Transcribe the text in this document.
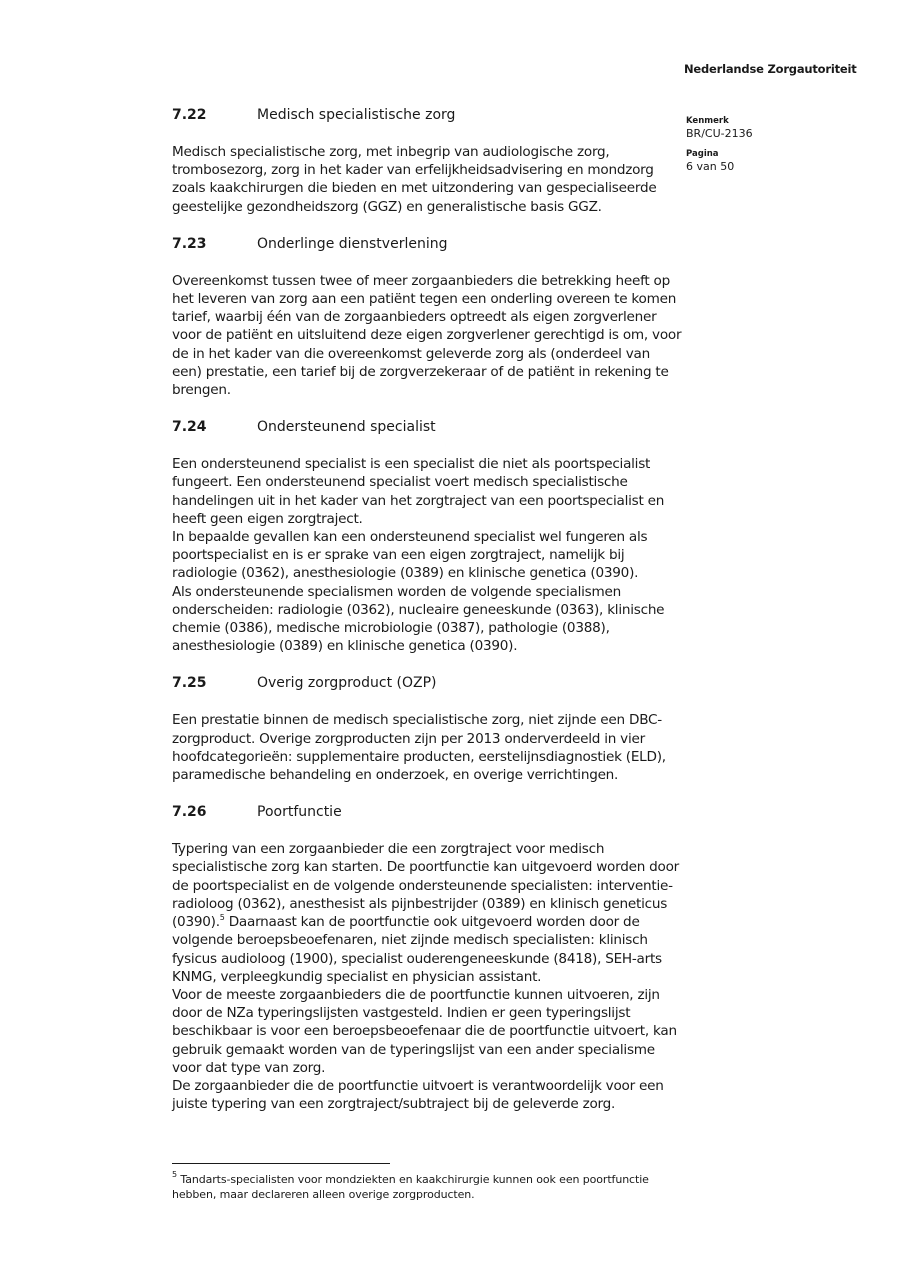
Nederlandse Zorgautoriteit
Kenmerk
BR/CU-2136
Pagina
6 van 50
7.22	Medisch specialistische zorg

Medisch specialistische zorg, met inbegrip van audiologische zorg, trombosezorg, zorg in het kader van erfelijkheidsadvisering en mondzorg zoals kaakchirurgen die bieden en met uitzondering van gespecialiseerde geestelijke gezondheidszorg (GGZ) en generalistische basis GGZ.

7.23	Onderlinge dienstverlening

Overeenkomst tussen twee of meer zorgaanbieders die betrekking heeft op het leveren van zorg aan een patiënt tegen een onderling overeen te komen tarief, waarbij één van de zorgaanbieders optreedt als eigen zorgverlener voor de patiënt en uitsluitend deze eigen zorgverlener gerechtigd is om, voor de in het kader van die overeenkomst geleverde zorg als (onderdeel van een) prestatie, een tarief bij de zorgverzekeraar of de patiënt in rekening te brengen.

7.24	Ondersteunend specialist

Een ondersteunend specialist is een specialist die niet als poortspecialist fungeert. Een ondersteunend specialist voert medisch specialistische handelingen uit in het kader van het zorgtraject van een poortspecialist en heeft geen eigen zorgtraject.

In bepaalde gevallen kan een ondersteunend specialist wel fungeren als poortspecialist en is er sprake van een eigen zorgtraject, namelijk bij radiologie (0362), anesthesiologie (0389) en klinische genetica (0390).

Als ondersteunende specialismen worden de volgende specialismen onderscheiden: radiologie (0362), nucleaire geneeskunde (0363), klinische chemie (0386), medische microbiologie (0387), pathologie (0388), anesthesiologie (0389) en klinische genetica (0390).

7.25	Overig zorgproduct (OZP)

Een prestatie binnen de medisch specialistische zorg, niet zijnde een DBC-zorgproduct. Overige zorgproducten zijn per 2013 onderverdeeld in vier hoofdcategorieën: supplementaire producten, eerstelijnsdiagnostiek (ELD), paramedische behandeling en onderzoek, en overige verrichtingen.

7.26	Poortfunctie

Typering van een zorgaanbieder die een zorgtraject voor medisch specialistische zorg kan starten. De poortfunctie kan uitgevoerd worden door de poortspecialist en de volgende ondersteunende specialisten: interventie-radioloog (0362), anesthesist als pijnbestrijder (0389) en klinisch geneticus (0390).$^5$ Daarnaast kan de poortfunctie ook uitgevoerd worden door de volgende beroepsbeoefenaren, niet zijnde medisch specialisten: klinisch fysicus audioloog (1900), specialist ouderengeneeskunde (8418), SEH-arts KNMG, verpleegkundig specialist en physician assistant.

Voor de meeste zorgaanbieders die de poortfunctie kunnen uitvoeren, zijn door de NZa typeringslijsten vastgesteld. Indien er geen typeringslijst beschikbaar is voor een beroepsbeoefenaar die de poortfunctie uitvoert, kan gebruik gemaakt worden van de typeringslijst van een ander specialisme voor dat type van zorg.

De zorgaanbieder die de poortfunctie uitvoert is verantwoordelijk voor een juiste typering van een zorgtraject/subtraject bij de geleverde zorg.

$^5$ Tandarts-specialisten voor mondziekten en kaakchirurgie kunnen ook een poortfunctie hebben, maar declareren alleen overige zorgproducten.
